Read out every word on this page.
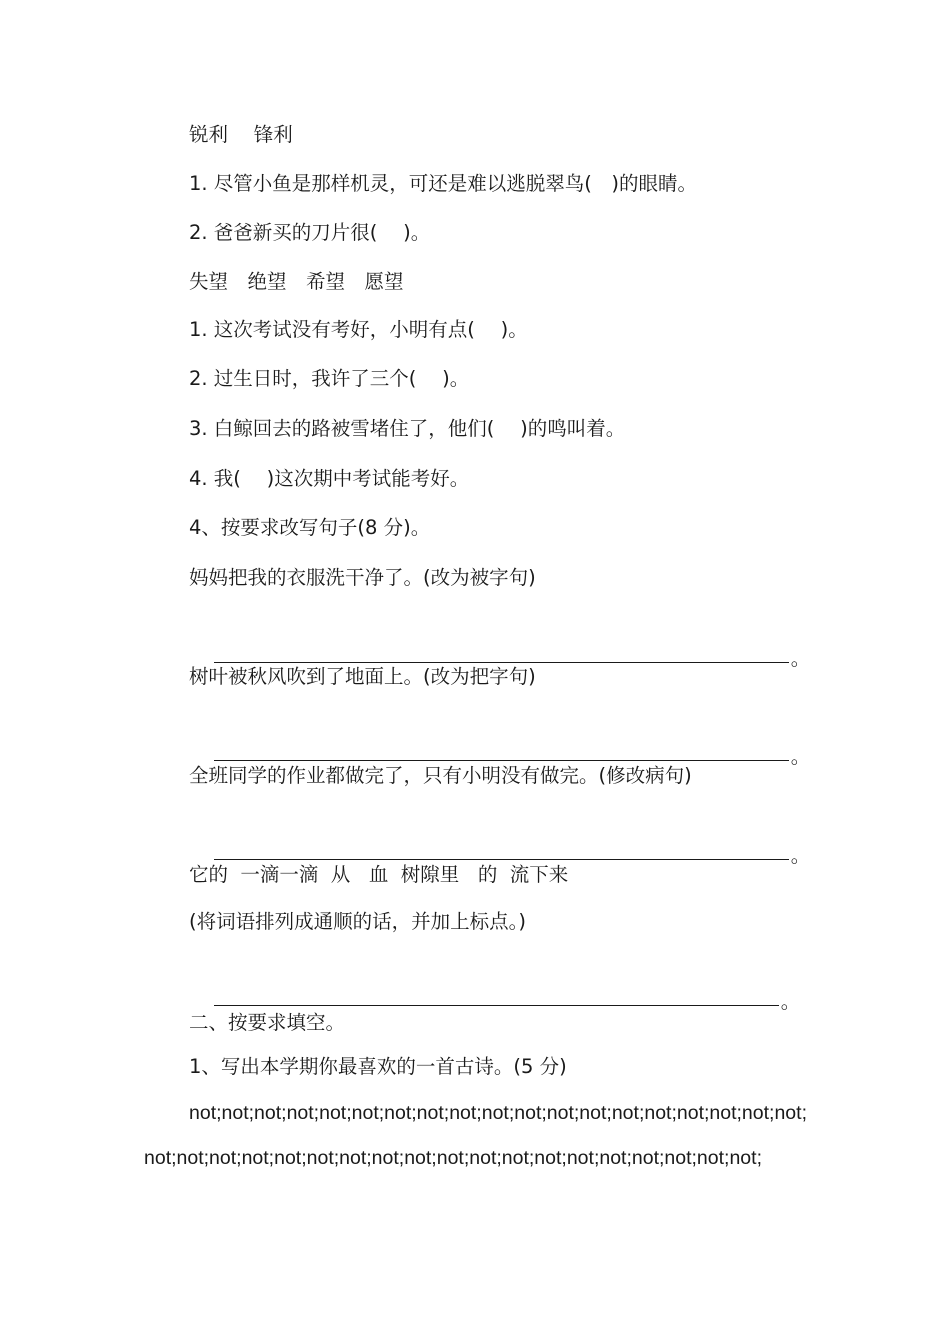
锐利　 锋利
1. 尽管小鱼是那样机灵，可还是难以逃脱翠鸟(　)的眼睛。
2. 爸爸新买的刀片很(　 )。
失望　绝望　希望　愿望
1. 这次考试没有考好，小明有点(　 )。
2. 过生日时，我许了三个(　 )。
3. 白鲸回去的路被雪堵住了，他们(　 )的鸣叫着。
4. 我(　 )这次期中考试能考好。
4、按要求改写句子(8 分)。
妈妈把我的衣服洗干净了。(改为被字句)

。

树叶被秋风吹到了地面上。(改为把字句)

。

全班同学的作业都做完了，只有小明没有做完。(修改病句)

。

它的  一滴一滴  从   血  树隙里   的  流下来
(将词语排列成通顺的话，并加上标点。)

。

二、按要求填空。
1、写出本学期你最喜欢的一首古诗。(5 分)
not;not;not;not;not;not;not;not;not;not;not;not;not;not;not;not;not;not;not;not;not;not;not;not;not;not;not;not;not;not;not;not;not;not;not;not;not;not;
